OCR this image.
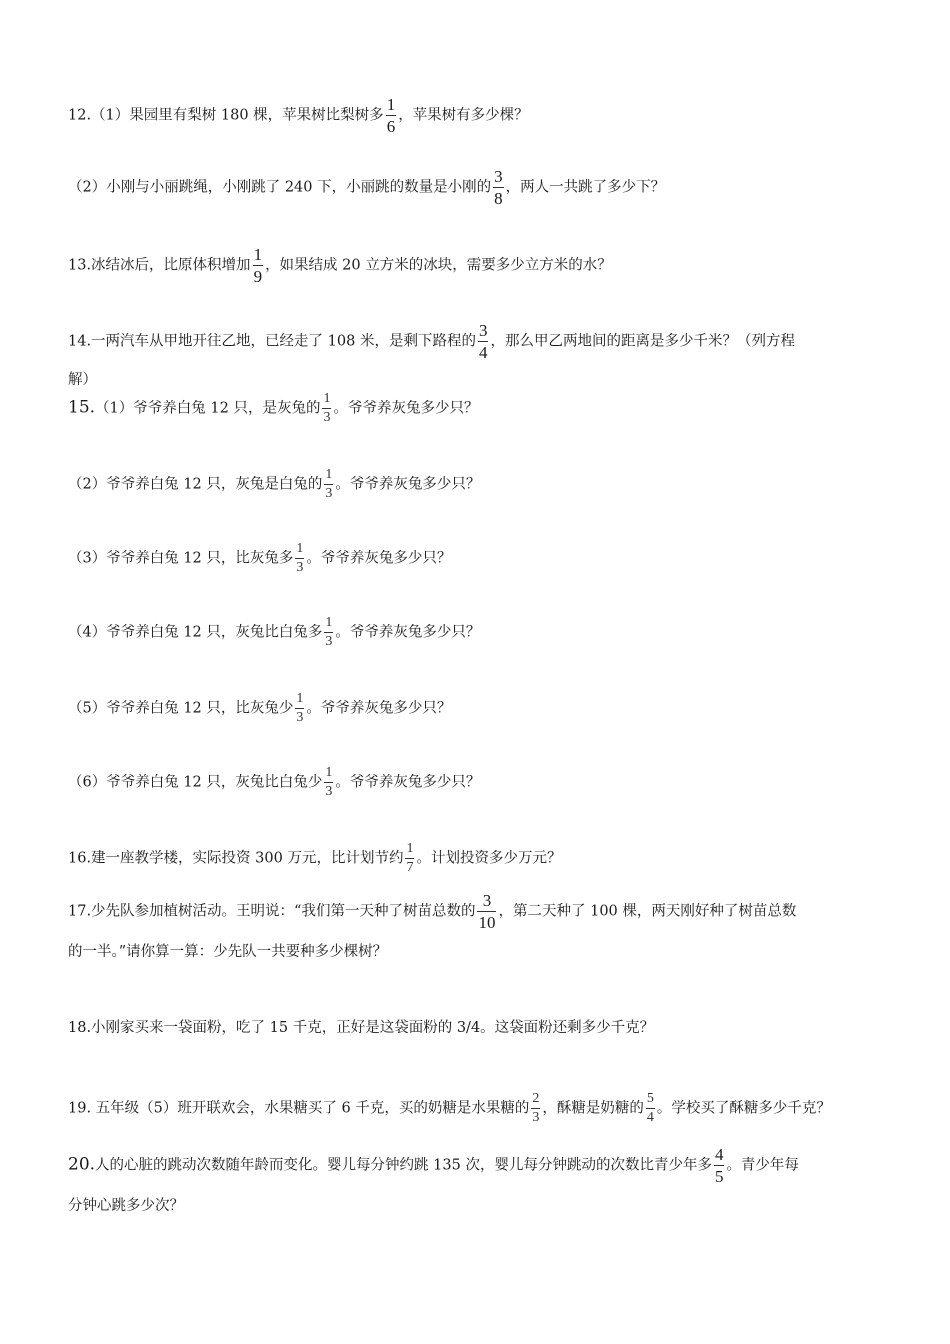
12.（1）果园里有梨树 180 棵，苹果树比梨树多 $\frac{1}{6}$ ，苹果树有多少棵？
（2）小刚与小丽跳绳，小刚跳了 240 下，小丽跳的数量是小刚的 $\frac{3}{8}$ ，两人一共跳了多少下？
13.冰结冰后，比原体积增加 $\frac{1}{9}$ ，如果结成 20 立方米的冰块，需要多少立方米的水？
14.一两汽车从甲地开往乙地，已经走了 108 米，是剩下路程的 $\frac{3}{4}$ ，那么甲乙两地间的距离是多少千米？（列方程
解）
15.（1）爷爷养白兔 12 只，是灰兔的 $\frac{1}{3}$ 。爷爷养灰兔多少只？
（2）爷爷养白兔 12 只，灰兔是白兔的 $\frac{1}{3}$ 。爷爷养灰兔多少只？
（3）爷爷养白兔 12 只，比灰兔多 $\frac{1}{3}$ 。爷爷养灰兔多少只？
（4）爷爷养白兔 12 只，灰兔比白兔多 $\frac{1}{3}$ 。爷爷养灰兔多少只？
（5）爷爷养白兔 12 只，比灰兔少 $\frac{1}{3}$ 。爷爷养灰兔多少只？
（6）爷爷养白兔 12 只，灰兔比白兔少 $\frac{1}{3}$ 。爷爷养灰兔多少只？
16.建一座教学楼，实际投资 300 万元，比计划节约 $\frac{1}{7}$ 。计划投资多少万元？
17.少先队参加植树活动。王明说：“我们第一天种了树苗总数的 $\frac{3}{10}$ ，第二天种了 100 棵，两天刚好种了树苗总数
的一半。”请你算一算：少先队一共要种多少棵树？
18.小刚家买来一袋面粉，吃了 15 千克，正好是这袋面粉的 3/4。这袋面粉还剩多少千克？
19. 五年级（5）班开联欢会，水果糖买了 6 千克，买的奶糖是水果糖的 $\frac{2}{3}$ ，酥糖是奶糖的 $\frac{5}{4}$ 。学校买了酥糖多少千克？
20.人的心脏的跳动次数随年龄而变化。婴儿每分钟约跳 135 次，婴儿每分钟跳动的次数比青少年多 $\frac{4}{5}$ 。青少年每
分钟心跳多少次？
